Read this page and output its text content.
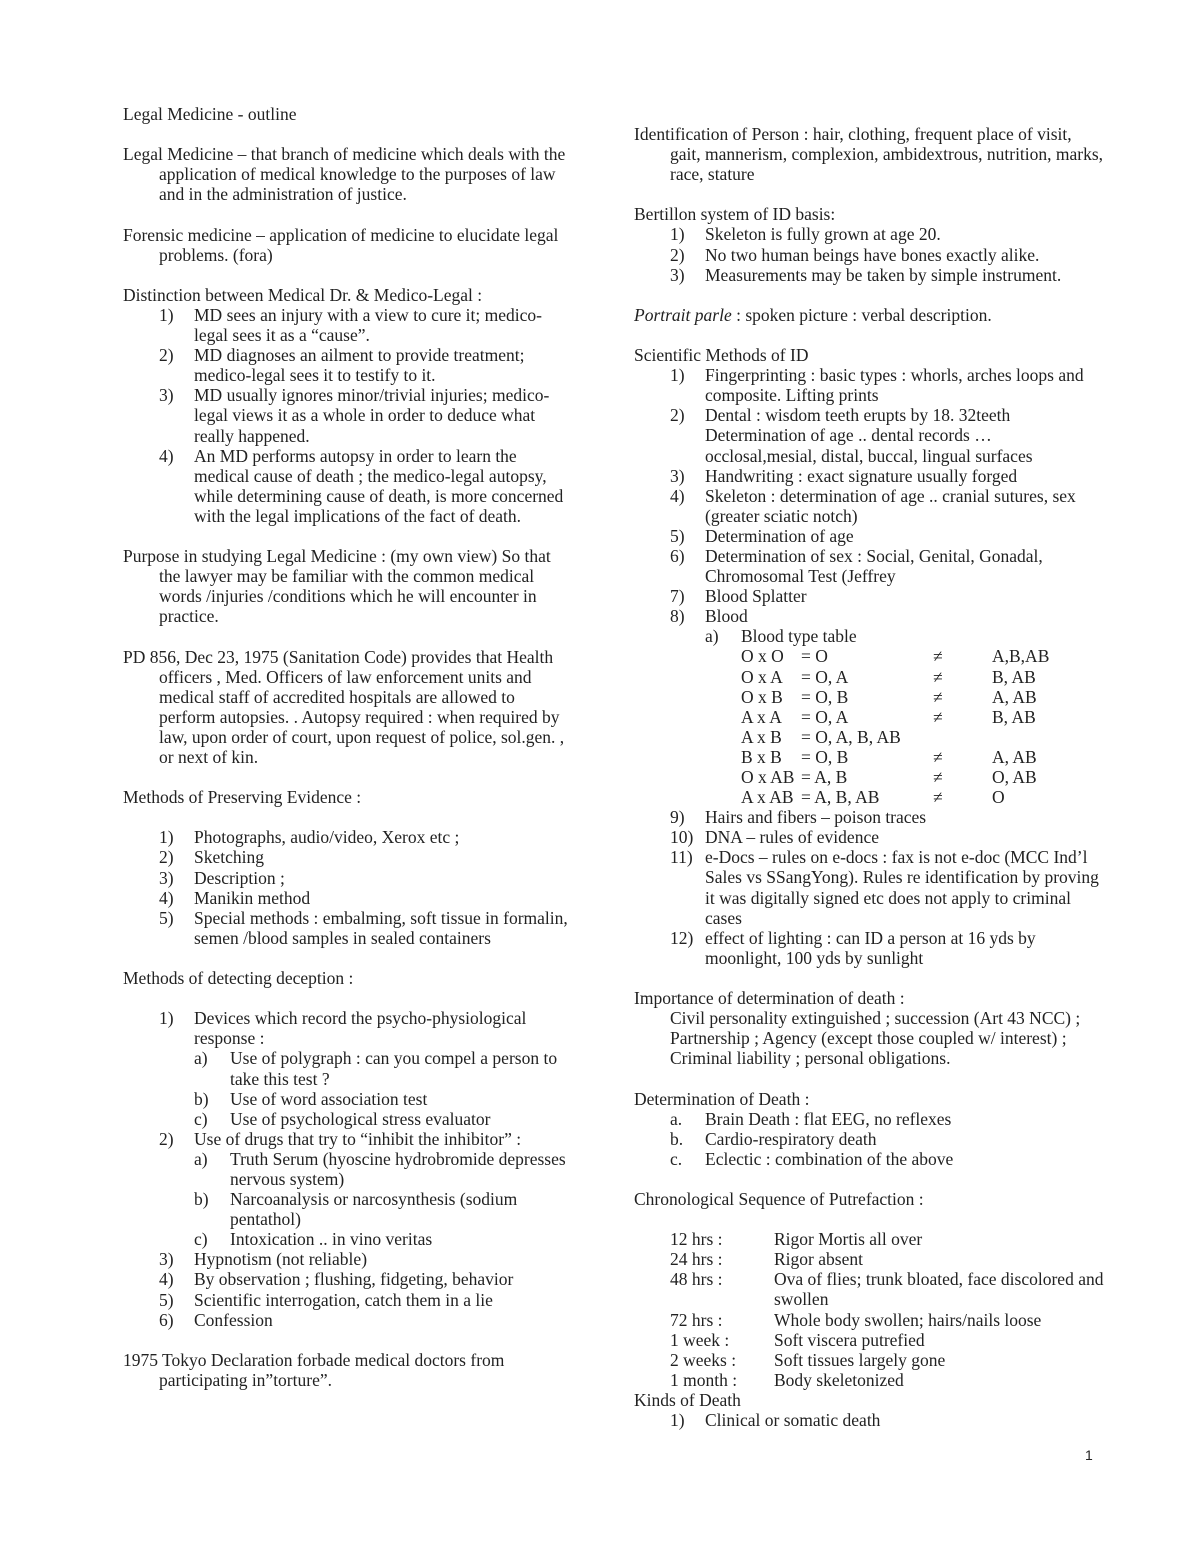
Legal Medicine - outline

Legal Medicine – that branch of medicine which deals with the application of medical knowledge to the purposes of law and in the administration of justice.

Forensic medicine – application of medicine to elucidate legal problems. (fora)

Distinction between Medical Dr. & Medico-Legal :

1) MD sees an injury with a view to cure it; medico-legal sees it as a “cause”.
2) MD diagnoses an ailment to provide treatment; medico-legal sees it to testify to it.
3) MD usually ignores minor/trivial injuries; medico-legal views it as a whole in order to deduce what really happened.
4) An MD performs autopsy in order to learn the medical cause of death ; the medico-legal autopsy, while determining cause of death, is more concerned with the legal implications of the fact of death.

Purpose in studying Legal Medicine : (my own view) So that the lawyer may be familiar with the common medical words /injuries /conditions which he will encounter in practice.

PD 856, Dec 23, 1975 (Sanitation Code) provides that Health officers , Med. Officers of law enforcement units and medical staff of accredited hospitals are allowed to perform autopsies. . Autopsy required : when required by law, upon order of court, upon request of police, sol.gen. , or next of kin.

Methods of Preserving Evidence :

1) Photographs, audio/video, Xerox etc ;
2) Sketching
3) Description ;
4) Manikin method
5) Special methods : embalming, soft tissue in formalin, semen /blood samples in sealed containers

Methods of detecting deception :

1) Devices which record the psycho-physiological response :
a) Use of polygraph : can you compel a person to take this test ?
b) Use of word association test
c) Use of psychological stress evaluator
2) Use of drugs that try to “inhibit the inhibitor” :
a) Truth Serum (hyoscine hydrobromide depresses nervous system)
b) Narcoanalysis or narcosynthesis (sodium pentathol)
c) Intoxication .. in vino veritas
3) Hypnotism (not reliable)
4) By observation ; flushing, fidgeting, behavior
5) Scientific interrogation, catch them in a lie
6) Confession

1975 Tokyo Declaration forbade medical doctors from participating in”torture”.

Identification of Person : hair, clothing, frequent place of visit, gait, mannerism, complexion, ambidextrous, nutrition, marks, race, stature

Bertillon system of ID basis:

1) Skeleton is fully grown at age 20.
2) No two human beings have bones exactly alike.
3) Measurements may be taken by simple instrument.

Portrait parle : spoken picture : verbal description.

Scientific Methods of ID

1) Fingerprinting : basic types : whorls, arches loops and composite. Lifting prints
2) Dental : wisdom teeth erupts by 18. 32teeth Determination of age .. dental records … occlosal,mesial, distal, buccal, lingual surfaces
3) Handwriting : exact signature usually forged
4) Skeleton : determination of age .. cranial sutures, sex (greater sciatic notch)
5) Determination of age
6) Determination of sex : Social, Genital, Gonadal, Chromosomal Test (Jeffrey
7) Blood Splatter
8) Blood
a) Blood type table
O x O = O	≠	A,B,AB
O x A	= O, A	≠	B, AB
O x B	= O, B	≠	A, AB
A x A	= O, A	≠	B, AB
A x B	= O, A, B, AB
B x B	= O, B	≠	A, AB
O x AB = A, B	≠	O, AB
A x AB = A, B, AB	≠	O
9) Hairs and fibers – poison traces
10) DNA – rules of evidence
11) e-Docs – rules on e-docs : fax is not e-doc (MCC Ind’l Sales vs SSangYong). Rules re identification by proving it was digitally signed etc does not apply to criminal cases
12) effect of lighting : can ID a person at 16 yds by moonlight, 100 yds by sunlight

Importance of determination of death :

Civil personality extinguished ; succession (Art 43 NCC) ; Partnership ; Agency (except those coupled w/ interest) ; Criminal liability ; personal obligations.

Determination of Death :

a. Brain Death : flat EEG, no reflexes
b. Cardio-respiratory death
c. Eclectic : combination of the above

Chronological Sequence of Putrefaction :

12 hrs :	Rigor Mortis all over
24 hrs :	Rigor absent
48 hrs :	Ova of flies; trunk bloated, face discolored and swollen
72 hrs :	Whole body swollen; hairs/nails loose
1 week :	Soft viscera putrefied
2 weeks :	Soft tissues largely gone
1 month :	Body skeletonized

Kinds of Death

1) Clinical or somatic death
1
